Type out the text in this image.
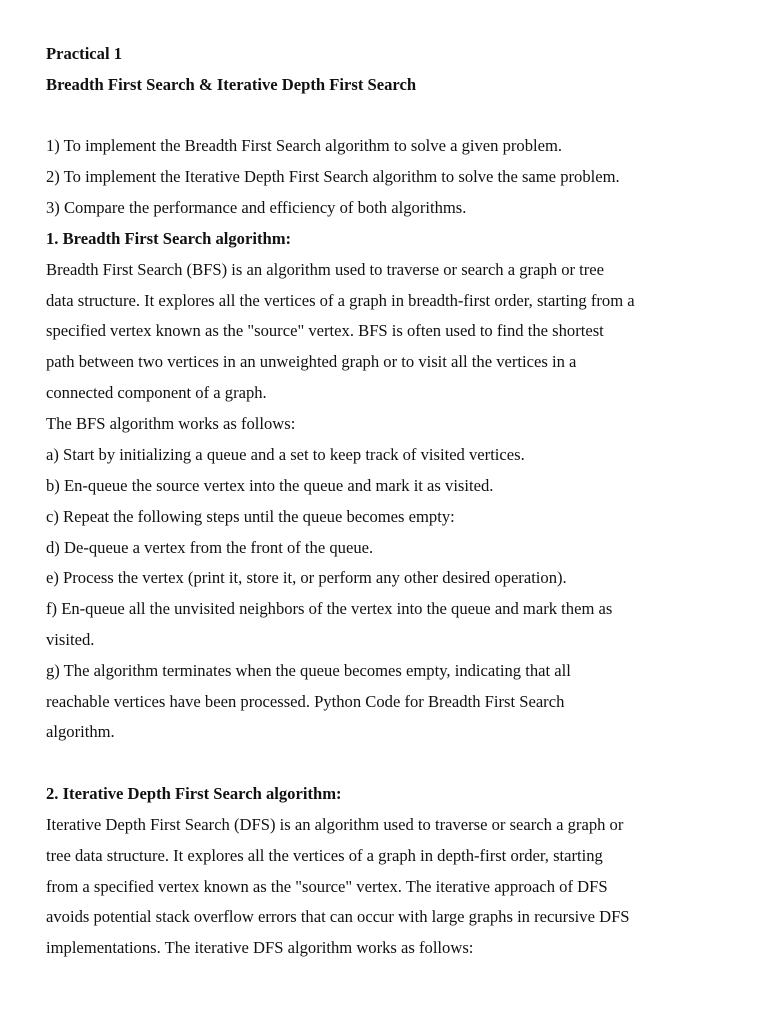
Practical 1

Breadth First Search & Iterative Depth First Search

1) To implement the Breadth First Search algorithm to solve a given problem.

2) To implement the Iterative Depth First Search algorithm to solve the same problem.

3) Compare the performance and efficiency of both algorithms.

1. Breadth First Search algorithm:

Breadth First Search (BFS) is an algorithm used to traverse or search a graph or tree

data structure. It explores all the vertices of a graph in breadth-first order, starting from a

specified vertex known as the "source" vertex. BFS is often used to find the shortest

path between two vertices in an unweighted graph or to visit all the vertices in a

connected component of a graph.

The BFS algorithm works as follows:

a) Start by initializing a queue and a set to keep track of visited vertices.

b) En-queue the source vertex into the queue and mark it as visited.

c) Repeat the following steps until the queue becomes empty:

d) De-queue a vertex from the front of the queue.

e) Process the vertex (print it, store it, or perform any other desired operation).

f) En-queue all the unvisited neighbors of the vertex into the queue and mark them as

visited.

g) The algorithm terminates when the queue becomes empty, indicating that all

reachable vertices have been processed. Python Code for Breadth First Search

algorithm.

2. Iterative Depth First Search algorithm:

Iterative Depth First Search (DFS) is an algorithm used to traverse or search a graph or

tree data structure. It explores all the vertices of a graph in depth-first order, starting

from a specified vertex known as the "source" vertex. The iterative approach of DFS

avoids potential stack overflow errors that can occur with large graphs in recursive DFS

implementations. The iterative DFS algorithm works as follows:
